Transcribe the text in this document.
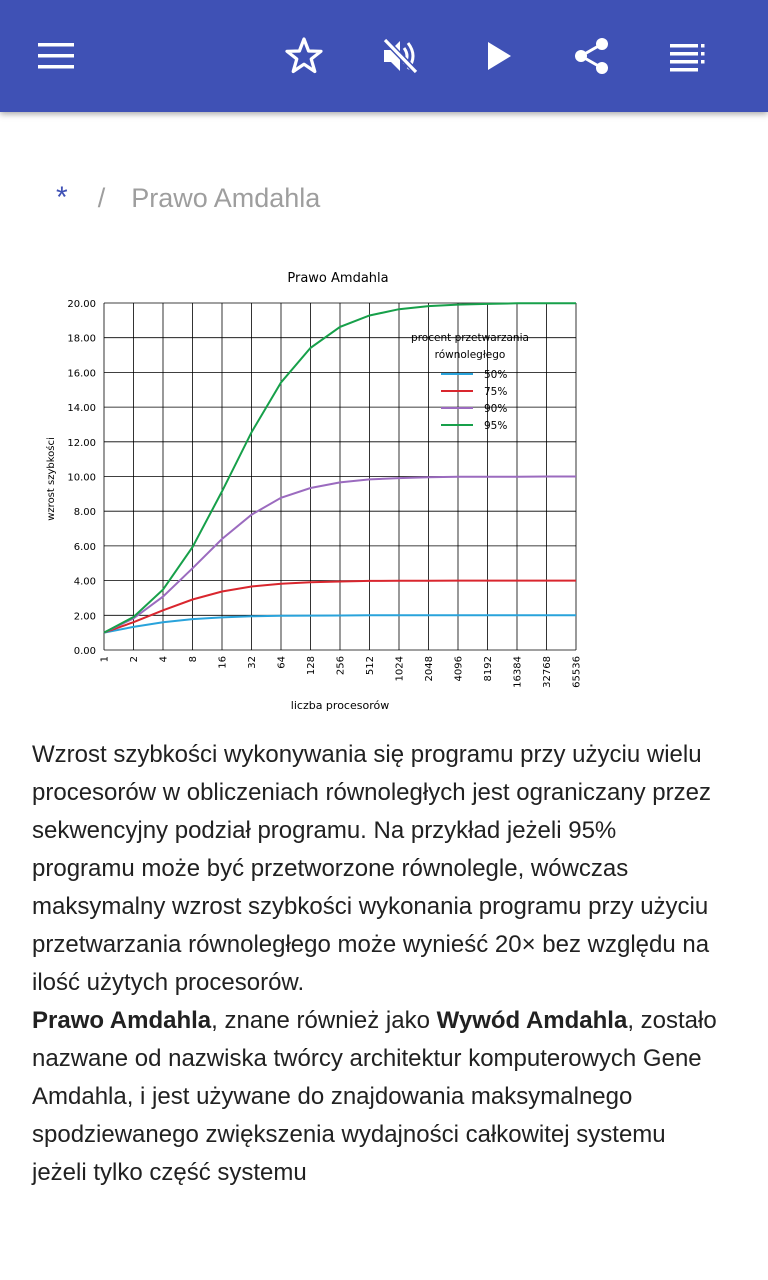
* / Prawo Amdahla
Prawo Amdahla
0.00
2.00
4.00
6.00
8.00
10.00
12.00
14.00
16.00
18.00
20.00
1 2 4 8 16 32 64 128 256 512 1024 2048 4096 8192 16384 32768 65536
wzrost szybkości
liczba procesorów
procent przetwarzania
równoległego
50%
75%
90%
95%

Wzrost szybkości wykonywania się programu przy użyciu wielu procesorów w obliczeniach równoległych jest ograniczany przez sekwencyjny podział programu. Na przykład jeżeli 95% programu może być przetworzone równolegle, wówczas maksymalny wzrost szybkości wykonania programu przy użyciu przetwarzania równoległego może wynieść 20× bez względu na ilość użytych procesorów.

Prawo Amdahla, znane również jako Wywód Amdahla, zostało nazwane od nazwiska twórcy architektur komputerowych Gene Amdahla, i jest używane do znajdowania maksymalnego spodziewanego zwiększenia wydajności całkowitej systemu jeżeli tylko część systemu
